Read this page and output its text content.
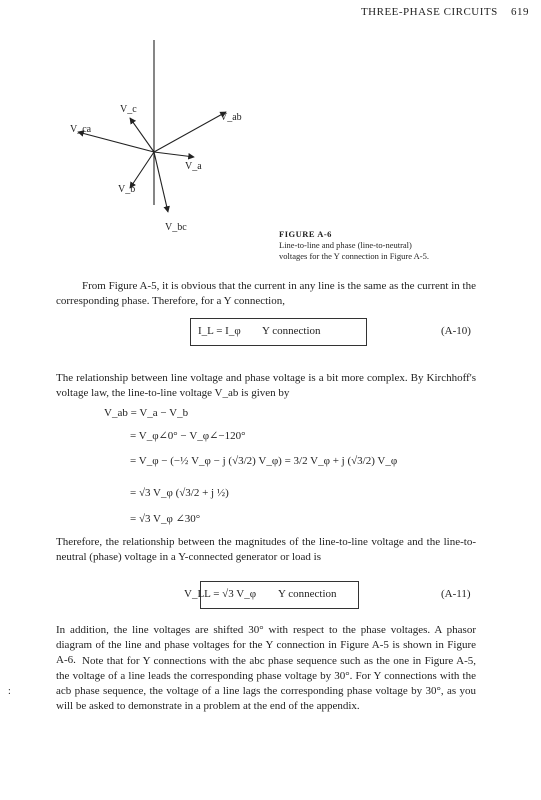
THREE-PHASE CIRCUITS 619
V_c
V_ca
V_ab
V_a
V_b
V_bc
FIGURE A-6
Line-to-line and phase (line-to-neutral)
voltages for the Y connection in Figure A-5.
From Figure A-5, it is obvious that the current in any line is the same as the current in the corresponding phase. Therefore, for a Y connection,
I_L = I_φ Y connection	(A-10)
The relationship between line voltage and phase voltage is a bit more complex. By Kirchhoff's voltage law, the line-to-line voltage V_ab is given by
V_ab = V_a − V_b
= V_φ∠0° − V_φ∠−120°
= V_φ − (−½ V_φ − j (√3/2) V_φ) = 3/2 V_φ + j (√3/2) V_φ
= √3 V_φ (√3/2 + j ½)
= √3 V_φ ∠30°
Therefore, the relationship between the magnitudes of the line-to-line voltage and the line-to-neutral (phase) voltage in a Y-connected generator or load is
V_LL = √3 V_φ Y connection	(A-11)
In addition, the line voltages are shifted 30° with respect to the phase voltages. A phasor diagram of the line and phase voltages for the Y connection in Figure A-5 is shown in Figure A-6. Note that for Y connections with the abc phase sequence such as the one in Figure A-5, the voltage of a line leads the corresponding phase voltage by 30°. For Y connections with the acb phase sequence, the voltage of a line lags the corresponding phase voltage by 30°, as you will be asked to demonstrate in a problem at the end of the appendix.
:
